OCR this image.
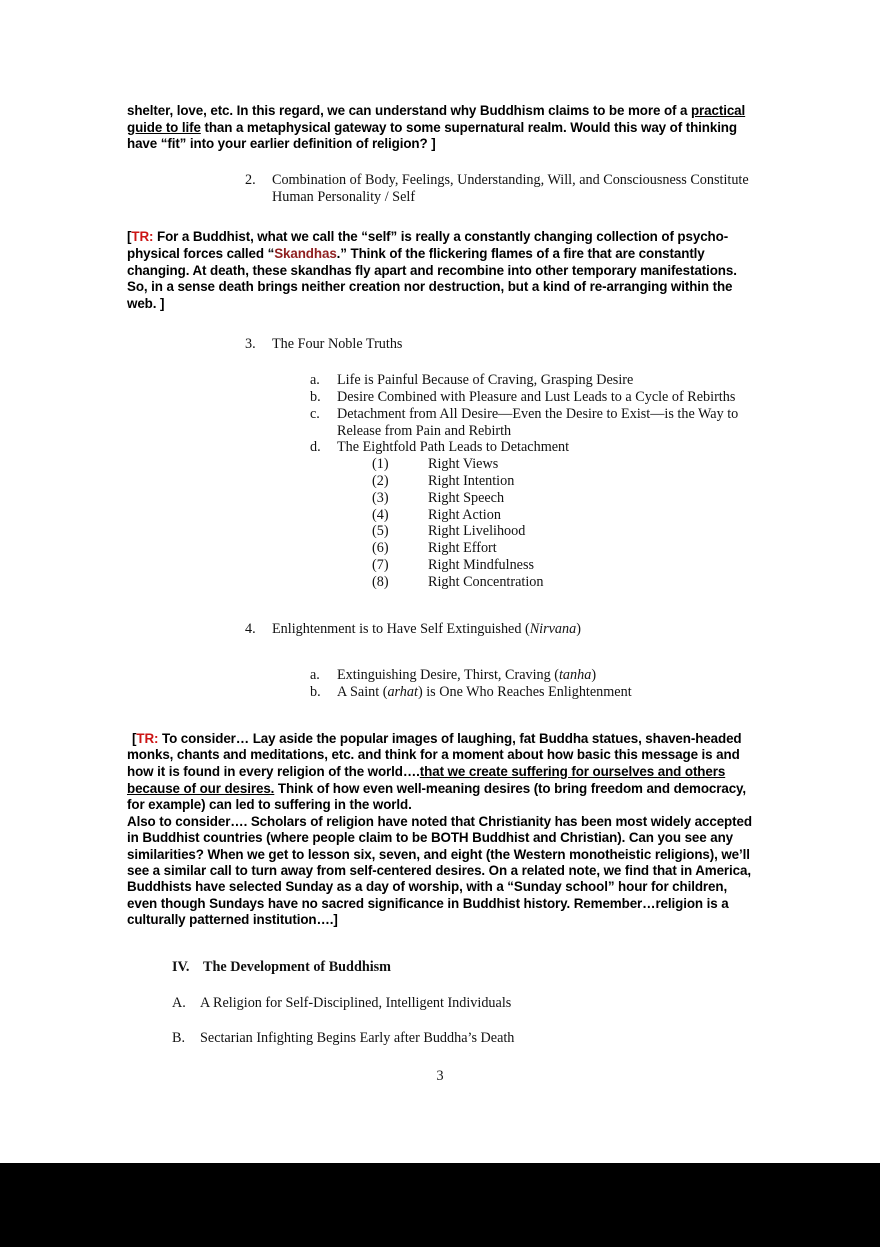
shelter, love, etc. In this regard, we can understand why Buddhism claims to be more of a practical guide to life than a metaphysical gateway to some supernatural realm. Would this way of thinking have “fit” into your earlier definition of religion? ]

2.	Combination of Body, Feelings, Understanding, Will, and Consciousness Constitute Human Personality / Self

[TR: For a Buddhist, what we call the “self” is really a constantly changing collection of psycho-physical forces called “Skandhas.” Think of the flickering flames of a fire that are constantly changing. At death, these skandhas fly apart and recombine into other temporary manifestations. So, in a sense death brings neither creation nor destruction, but a kind of re-arranging within the web. ]

3.	The Four Noble Truths
a.	Life is Painful Because of Craving, Grasping Desire
b.	Desire Combined with Pleasure and Lust Leads to a Cycle of Rebirths
c.	Detachment from All Desire—Even the Desire to Exist—is the Way to Release from Pain and Rebirth
d.	The Eightfold Path Leads to Detachment
(1)	Right Views
(2)	Right Intention
(3)	Right Speech
(4)	Right Action
(5)	Right Livelihood
(6)	Right Effort
(7)	Right Mindfulness
(8)	Right Concentration
4.	Enlightenment is to Have Self Extinguished (Nirvana)
a.	Extinguishing Desire, Thirst, Craving (tanha)
b.	A Saint (arhat) is One Who Reaches Enlightenment

[TR: To consider… Lay aside the popular images of laughing, fat Buddha statues, shaven-headed monks, chants and meditations, etc. and think for a moment about how basic this message is and how it is found in every religion of the world….that we create suffering for ourselves and others because of our desires. Think of how even well-meaning desires (to bring freedom and democracy, for example) can led to suffering in the world.

Also to consider…. Scholars of religion have noted that Christianity has been most widely accepted in Buddhist countries (where people claim to be BOTH Buddhist and Christian). Can you see any similarities? When we get to lesson six, seven, and eight (the Western monotheistic religions), we’ll see a similar call to turn away from self-centered desires. On a related note, we find that in America, Buddhists have selected Sunday as a day of worship, with a “Sunday school” hour for children, even though Sundays have no sacred significance in Buddhist history. Remember…religion is a culturally patterned institution….]

IV. The Development of Buddhism
A.	A Religion for Self-Disciplined, Intelligent Individuals
B.	Sectarian Infighting Begins Early after Buddha’s Death
3
